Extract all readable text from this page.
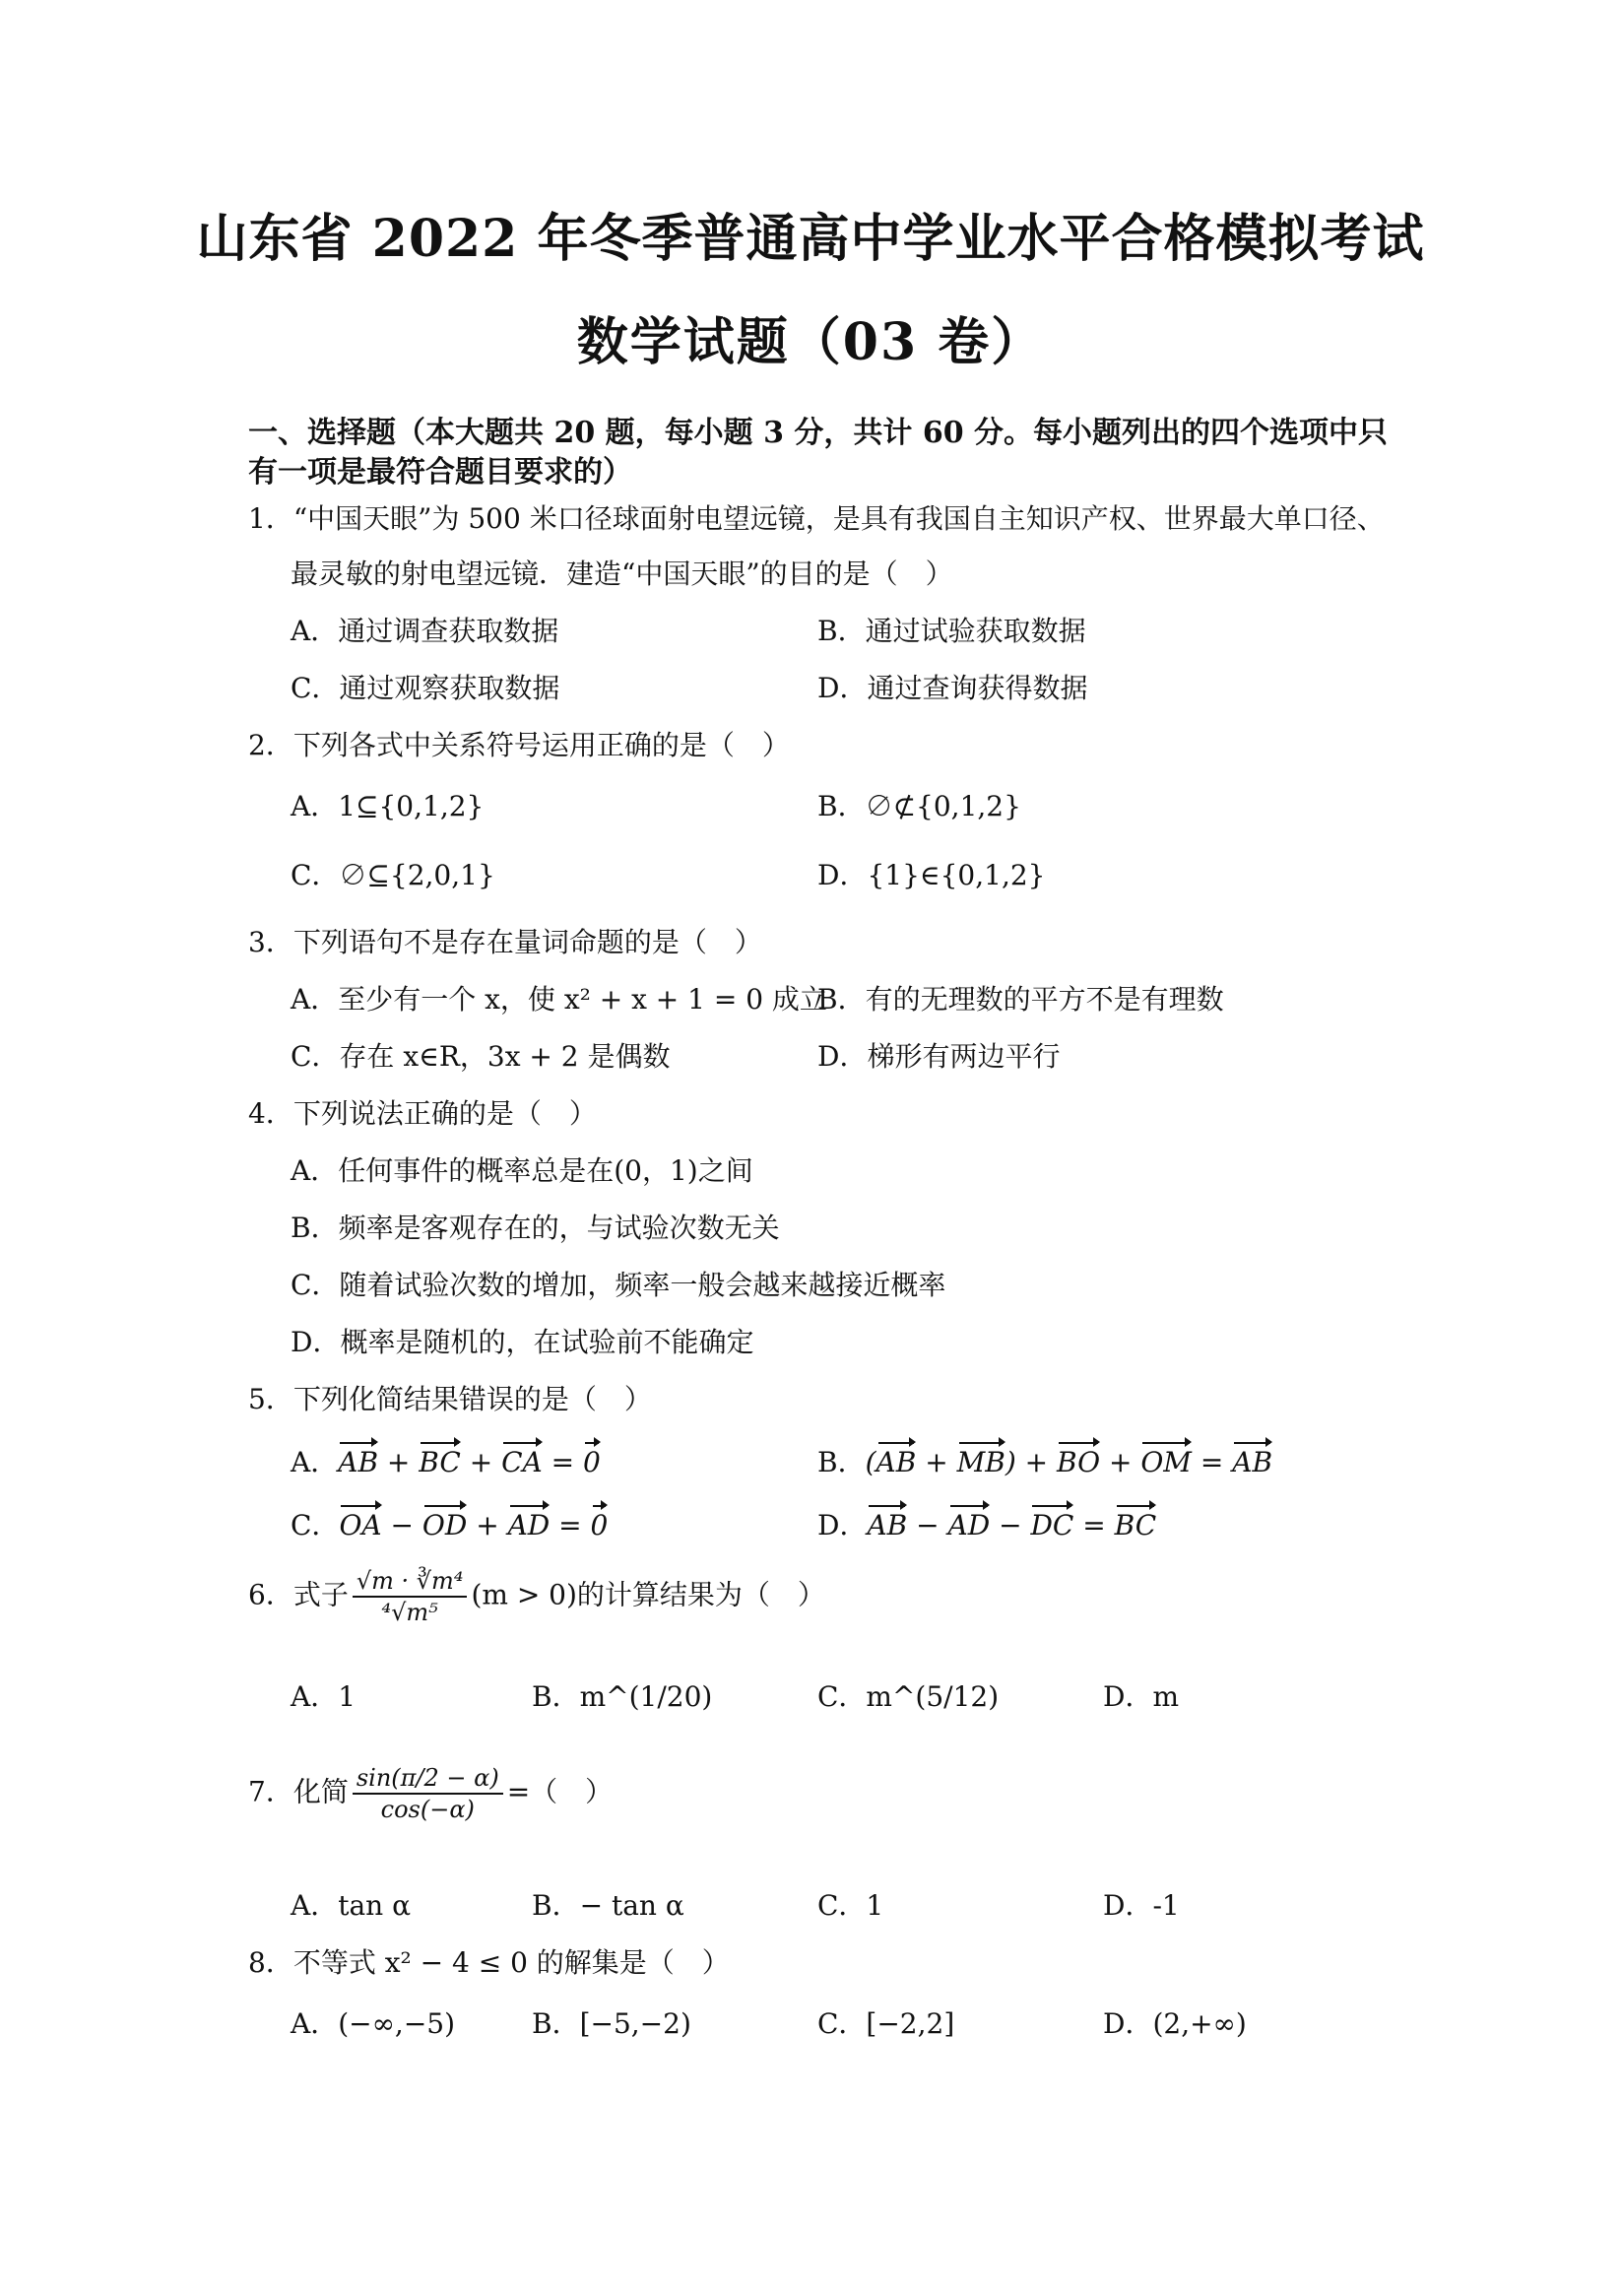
山东省 2022 年冬季普通高中学业水平合格模拟考试
数学试题（03 卷）
一、选择题（本大题共 20 题，每小题 3 分，共计 60 分。每小题列出的四个选项中只有一项是最符合题目要求的）
1．“中国天眼”为 500 米口径球面射电望远镜，是具有我国自主知识产权、世界最大单口径、
最灵敏的射电望远镜．建造“中国天眼”的目的是（　）
A．通过调查获取数据	B．通过试验获取数据
C．通过观察获取数据	D．通过查询获得数据
2．下列各式中关系符号运用正确的是（　）
A．1⊆{0,1,2}	B．∅⊄{0,1,2}
C．∅⊆{2,0,1}	D．{1}∈{0,1,2}
3．下列语句不是存在量词命题的是（　）
A．至少有一个 x，使 x² + x + 1 = 0 成立
B．有的无理数的平方不是有理数
C．存在 x∈R，3x + 2 是偶数	D．梯形有两边平行
4．下列说法正确的是（　）
A．任何事件的概率总是在(0，1)之间
B．频率是客观存在的，与试验次数无关
C．随着试验次数的增加，频率一般会越来越接近概率
D．概率是随机的，在试验前不能确定
5．下列化简结果错误的是（　）
A．AB + BC + CA = 0	B．(AB + MB) + BO + OM = AB
C．OA − OD + AD = 0	D．AB − AD − DC = BC
6．式子 $\frac{\text{√m · ∛m⁴}}{\text{⁴√m⁵}} (m > 0)$的计算结果为（　）
A．1	B．m^(1/20)	C．m^(5/12)	D．m
7．化简 $\frac{\sin(\pi/2 - \alpha)}{\cos(-\alpha)}$ =（　）
A．tan α	B．− tan α	C．1	D．-1
8．不等式 x² − 4 ≤ 0 的解集是（　）
A．(−∞,−5)	B．[−5,−2)	C．[−2,2]	D．(2,+∞)
